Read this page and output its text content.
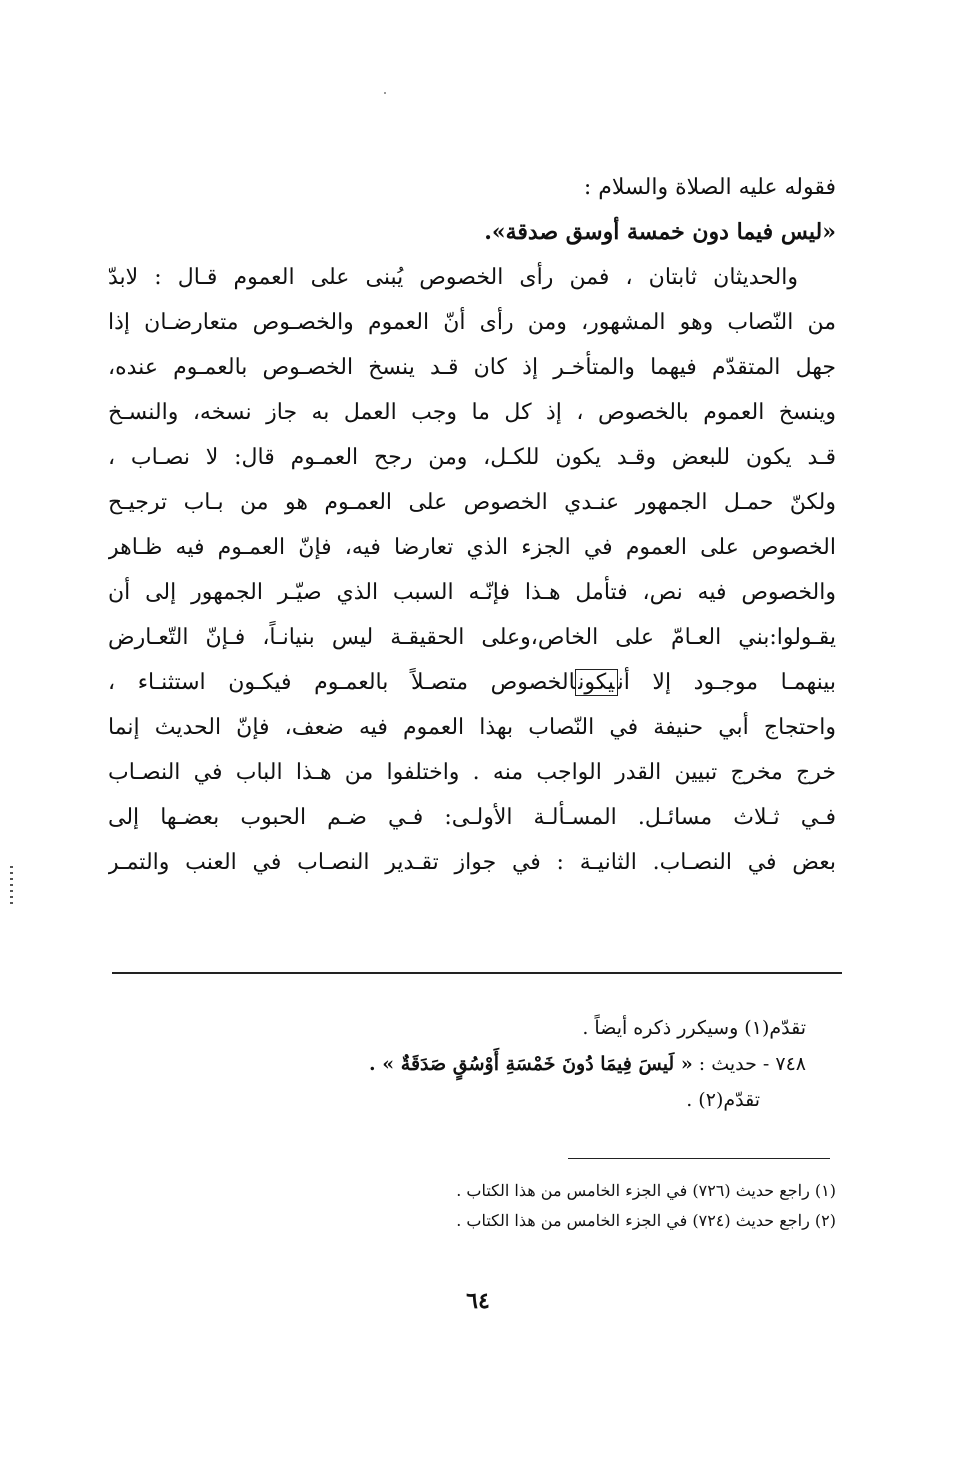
فقوله عليه الصلاة والسلام :
«ليس فيما دون خمسة أوسق صدقة».
والحديثان ثابتان ، فمن رأى الخصوص يُبنى على العموم قـال : لابدّ
من النّصاب وهو المشهور، ومن رأى أنّ العموم والخصـوص متعارضـان إذا
جهل المتقدّم فيهما والمتأخـر إذ كان قـد ينسخ الخصـوص بالعمـوم عنده،
وينسخ العموم بالخصوص ، إذ كل ما وجب العمل به جاز نسخه، والنسـخ
قـد يكون للبعض وقـد يكون للكـل، ومن رجح العمـوم قال: لا نصـاب ،
ولكنّ حمـل الجمهور عنـدي الخصوص على العمـوم هو من بـاب ترجيـح
الخصوص على العموم في الجزء الذي تعارضا فيه، فإنّ العمـوم فيه ظـاهر
والخصوص فيه نص، فتأمل هـذا فإنّـه السبب الذي صيّـر الجمهور إلى أن
يقـولوا:بني العـامّ على الخاص،وعلى الحقيقـة ليس بنيانـاً، فـإنّ التّعـارض
بينهمـا موجـود إلا أنيكونالخصوص متصـلاً بالعمـوم فيكـون استثنـاء ،
واحتجاج أبي حنيفة في النّصاب بهذا العموم فيه ضعف، فإنّ الحديث إنما
خرج مخرج تبيين القدر الواجب منه . واختلفوا من هـذا الباب في النصـاب
فـي ثـلاث مسائـل. المسـألـة الأولـى: فـي ضـم الحبوب بعضـها إلى
بعض في النصـاب. الثانيـة : في جواز تقـدير النصـاب في العنب والتمـر
تقدّم(١) وسيكرر ذكره أيضاً .
٧٤٨ - حديث : « لَيسَ فِيمَا دُونَ خَمْسَةِ أَوْسُقٍ صَدَقَةٌ » .
تقدّم(٢) .
(١) راجع حديث (٧٢٦) في الجزء الخامس من هذا الكتاب .
(٢) راجع حديث (٧٢٤) في الجزء الخامس من هذا الكتاب .
٦٤
